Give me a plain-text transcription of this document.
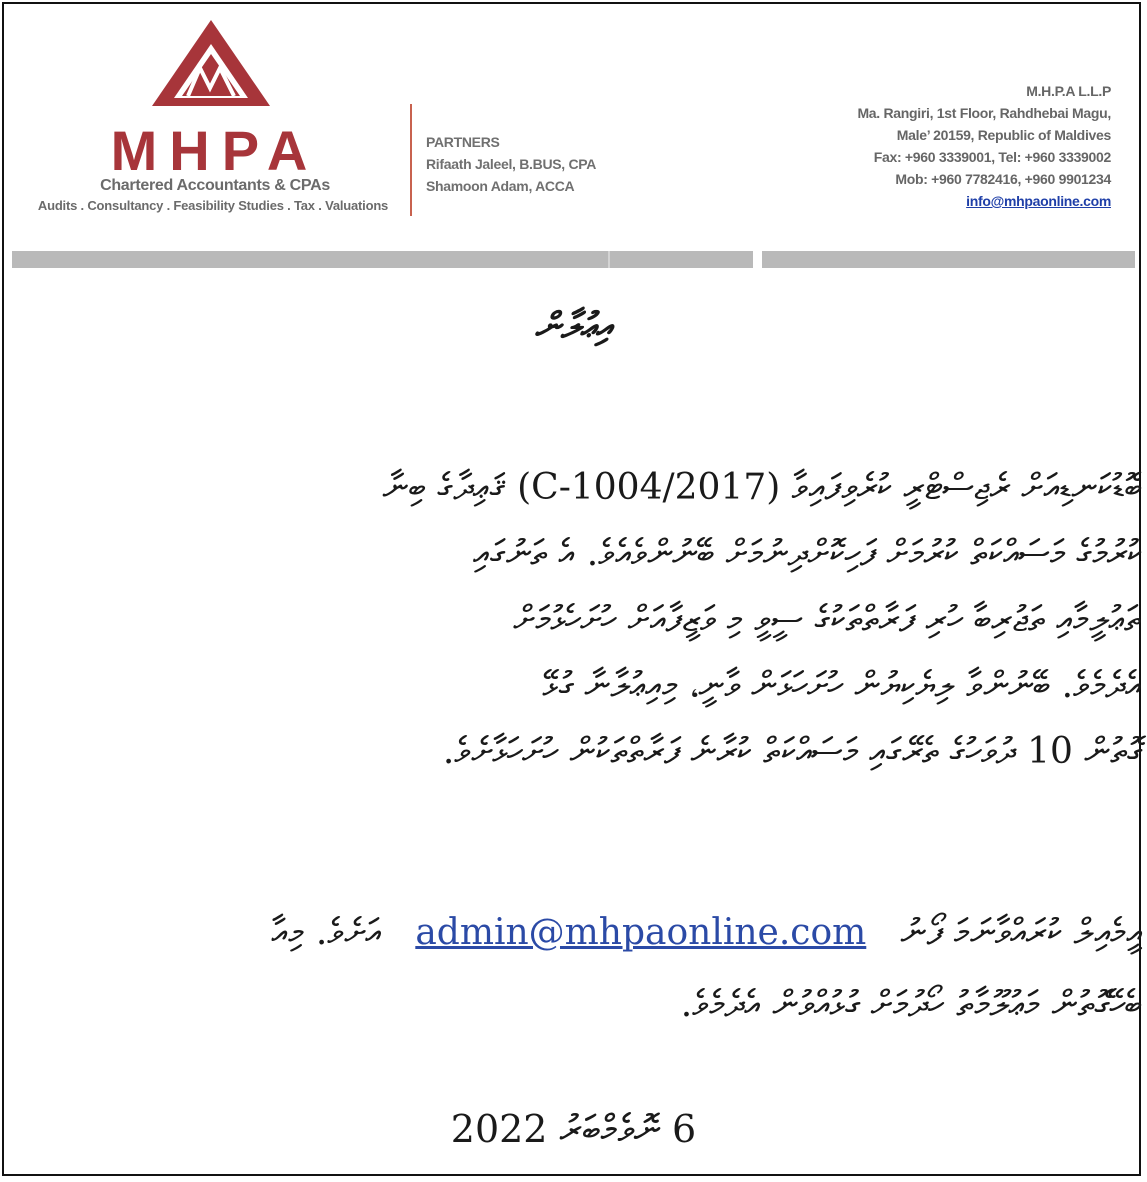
MHPA
Chartered Accountants & CPAs
Audits . Consultancy . Feasibility Studies . Tax . Valuations
PARTNERS
Rifaath Jaleel, B.BUS, CPA
Shamoon Adam, ACCA
M.H.P.A L.L.P
Ma. Rangiri, 1st Floor, Rahdhebai Magu,
Male’ 20159, Republic of Maldives
Fax: +960 3339001, Tel: +960 3339002
Mob: +960 7782416, +960 9901234
info@mhpaonline.com
އިޢުލާން
ބޮޑުކަނޑިއަށް ރެޖިސްޓްރީ ކުރެވިފައިވާ (C-1004/2017) ޤަޢިދާގެ ބިނާ
ކުރުމުގެ މަސައްކަތް ކުރުމަށް ފަހިކޮށްދިނުމަށް ބޭނުންވެއެވެ. އެ ތަނުގައި
ތަޢުލީމާއި ތަޖުރިބާ ހުރި ފަރާތްތަކުގެ ސީވީ މި ވަޒީފާއަށް ހުށަހެޅުމަށް
އެދެމެވެ. ބޭނުންވާ ލިޔެކިޔުން ހުށަހަޅަން ވާނީ، މިއިޢުލާނާ ގުޅޭ
ގޮތުން 10 ދުވަހުގެ ތެރޭގައި މަސައްކަތް ކުރާނެ ފަރާތްތަކުން ހުށަހަޅާށެވެ.
އީމެއިލް ކުރައްވާނަމަ ފޯނު   admin@mhpaonline.com   އަށެވެ. މިއާ
ބެހޭގޮތުން މަޢުލޫމާތު ހޯދުމަށް ގުޅުއްވުން އެދެމެވެ.
6 ނޮވެމްބަރު 2022
